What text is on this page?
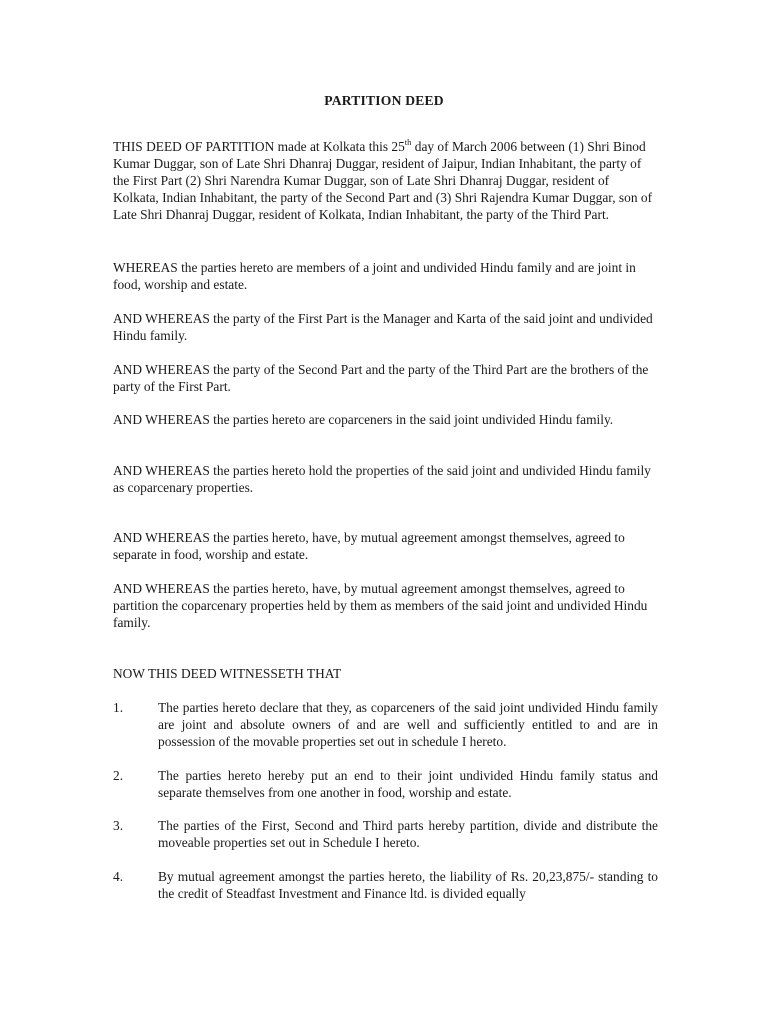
PARTITION DEED

THIS DEED OF PARTITION made at Kolkata this 25th day of March 2006 between (1) Shri Binod Kumar Duggar, son of Late Shri Dhanraj Duggar, resident of Jaipur, Indian Inhabitant, the party of the First Part (2) Shri Narendra Kumar Duggar, son of Late Shri Dhanraj Duggar, resident of Kolkata, Indian Inhabitant, the party of the Second Part and (3) Shri Rajendra Kumar Duggar, son of Late Shri Dhanraj Duggar, resident of Kolkata, Indian Inhabitant, the party of the Third Part.

WHEREAS the parties hereto are members of a joint and undivided Hindu family and are joint in food, worship and estate.

AND WHEREAS the party of the First Part is the Manager and Karta of the said joint and undivided Hindu family.

AND WHEREAS the party of the Second Part and the party of the Third Part are the brothers of the party of the First Part.

AND WHEREAS the parties hereto are coparceners in the said joint undivided Hindu family.

AND WHEREAS the parties hereto hold the properties of the said joint and undivided Hindu family as coparcenary properties.

AND WHEREAS the parties hereto, have, by mutual agreement amongst themselves, agreed to separate in food, worship and estate.

AND WHEREAS the parties hereto, have, by mutual agreement amongst themselves, agreed to partition the coparcenary properties held by them as members of the said joint and undivided Hindu family.

NOW THIS DEED WITNESSETH THAT
1.	The parties hereto declare that they, as coparceners of the said joint undivided Hindu family are joint and absolute owners of and are well and sufficiently entitled to and are in possession of the movable properties set out in schedule I hereto.
2.	The parties hereto hereby put an end to their joint undivided Hindu family status and separate themselves from one another in food, worship and estate.
3.	The parties of the First, Second and Third parts hereby partition, divide and distribute the moveable properties set out in Schedule I hereto.
4.	By mutual agreement amongst the parties hereto, the liability of Rs. 20,23,875/- standing to the credit of Steadfast Investment and Finance ltd. is divided equally
